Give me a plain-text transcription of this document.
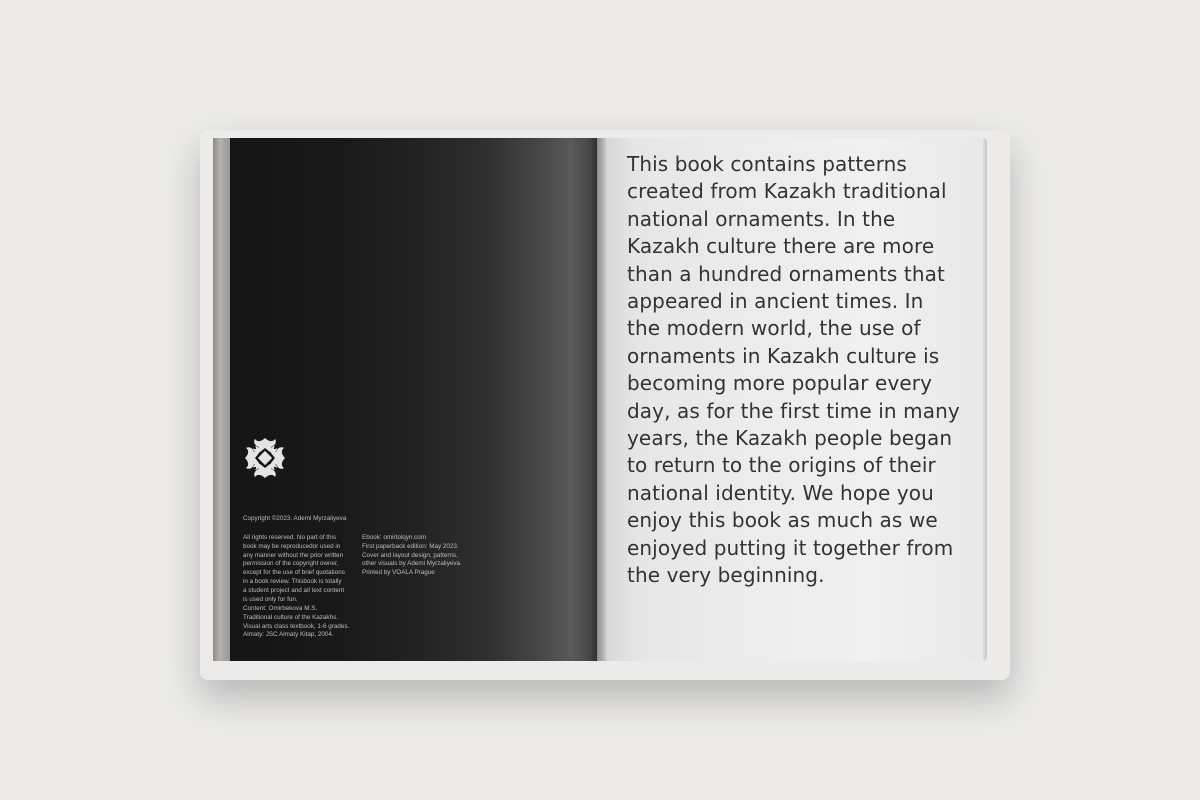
Copyright ©2023. Ademi Myrzaliyeva
All rights reserved. No part of this
book may be reproducedor used in
any manner without the prior written
permission of the copyright owner,
except for the use of brief quotations
in a book review. Thisbook is totally
a student project and all text content
is used only for fun.
Content: Omirbekova M.S.
Traditional culture of the Kazakhs.
Visual arts class textbook, 1-6 grades.
Almaty: JSC Almaty Kitap, 2004.
Ebook: omirtolqyn.com
First paperback edition: May 2023.
Cover and layout design, patterns,
other visuals by Ademi Myrzaliyeva.
Printed by VOALA Prague
This book contains patterns
created from Kazakh traditional
national ornaments. In the
Kazakh culture there are more
than a hundred ornaments that
appeared in ancient times. In
the modern world, the use of
ornaments in Kazakh culture is
becoming more popular every
day, as for the first time in many
years, the Kazakh people began
to return to the origins of their
national identity. We hope you
enjoy this book as much as we
enjoyed putting it together from
the very beginning.
